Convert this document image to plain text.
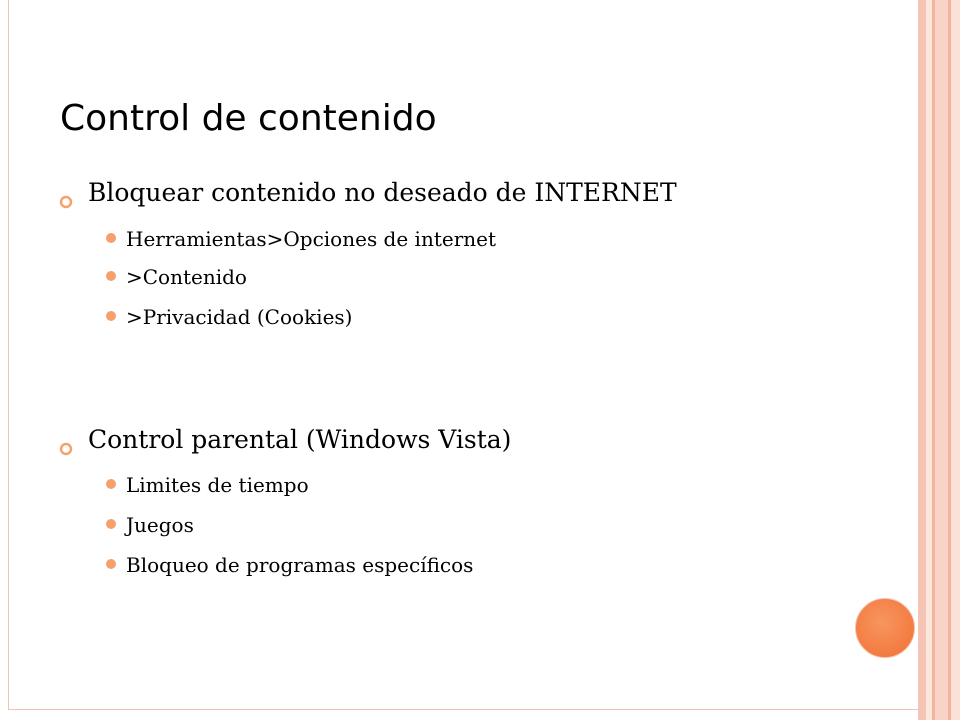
Control de contenido
Bloquear contenido no deseado de INTERNET
Herramientas>Opciones de internet
>Contenido
>Privacidad (Cookies)
Control parental (Windows Vista)
Limites de tiempo
Juegos
Bloqueo de programas específicos
